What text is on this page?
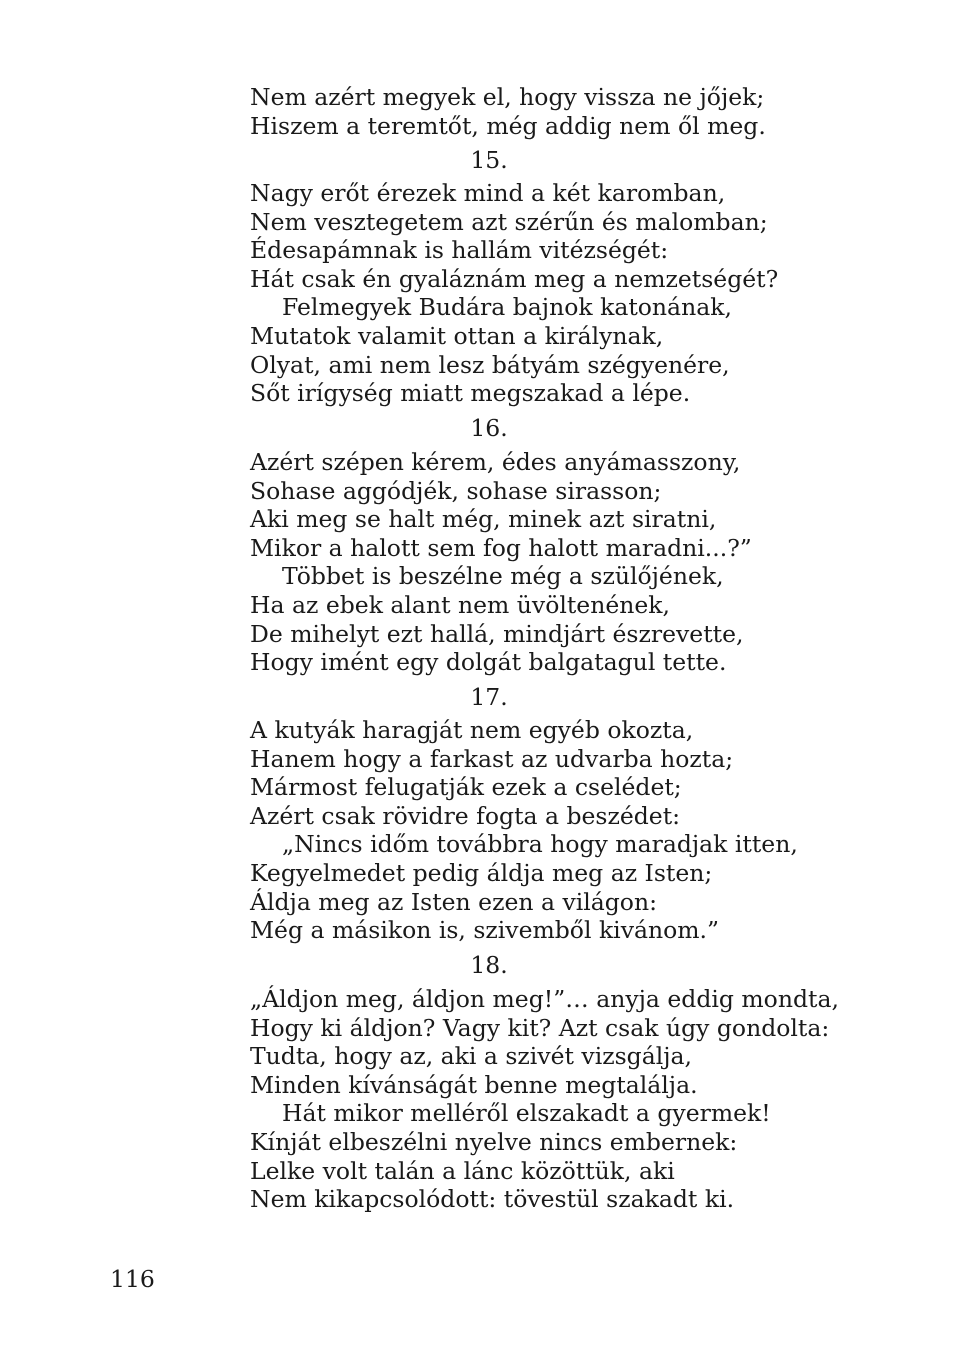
Nem azért megyek el, hogy vissza ne jőjek;
Hiszem a teremtőt, még addig nem ől meg.
15.
Nagy erőt érezek mind a két karomban,
Nem vesztegetem azt szérűn és malomban;
Édesapámnak is hallám vitézségét:
Hát csak én gyaláznám meg a nemzetségét?
Felmegyek Budára bajnok katonának,
Mutatok valamit ottan a királynak,
Olyat, ami nem lesz bátyám szégyenére,
Sőt irígység miatt megszakad a lépe.
16.
Azért szépen kérem, édes anyámasszony,
Sohase aggódjék, sohase sirasson;
Aki meg se halt még, minek azt siratni,
Mikor a halott sem fog halott maradni...?”
Többet is beszélne még a szülőjének,
Ha az ebek alant nem üvöltenének,
De mihelyt ezt hallá, mindjárt észrevette,
Hogy imént egy dolgát balgatagul tette.
17.
A kutyák haragját nem egyéb okozta,
Hanem hogy a farkast az udvarba hozta;
Mármost felugatják ezek a cselédet;
Azért csak rövidre fogta a beszédet:
„Nincs időm továbbra hogy maradjak itten,
Kegyelmedet pedig áldja meg az Isten;
Áldja meg az Isten ezen a világon:
Még a másikon is, szivemből kivánom.”
18.
„Áldjon meg, áldjon meg!”… anyja eddig mondta,
Hogy ki áldjon? Vagy kit? Azt csak úgy gondolta:
Tudta, hogy az, aki a szivét vizsgálja,
Minden kívánságát benne megtalálja.
Hát mikor melléről elszakadt a gyermek!
Kínját elbeszélni nyelve nincs embernek:
Lelke volt talán a lánc közöttük, aki
Nem kikapcsolódott: tövestül szakadt ki.
116
